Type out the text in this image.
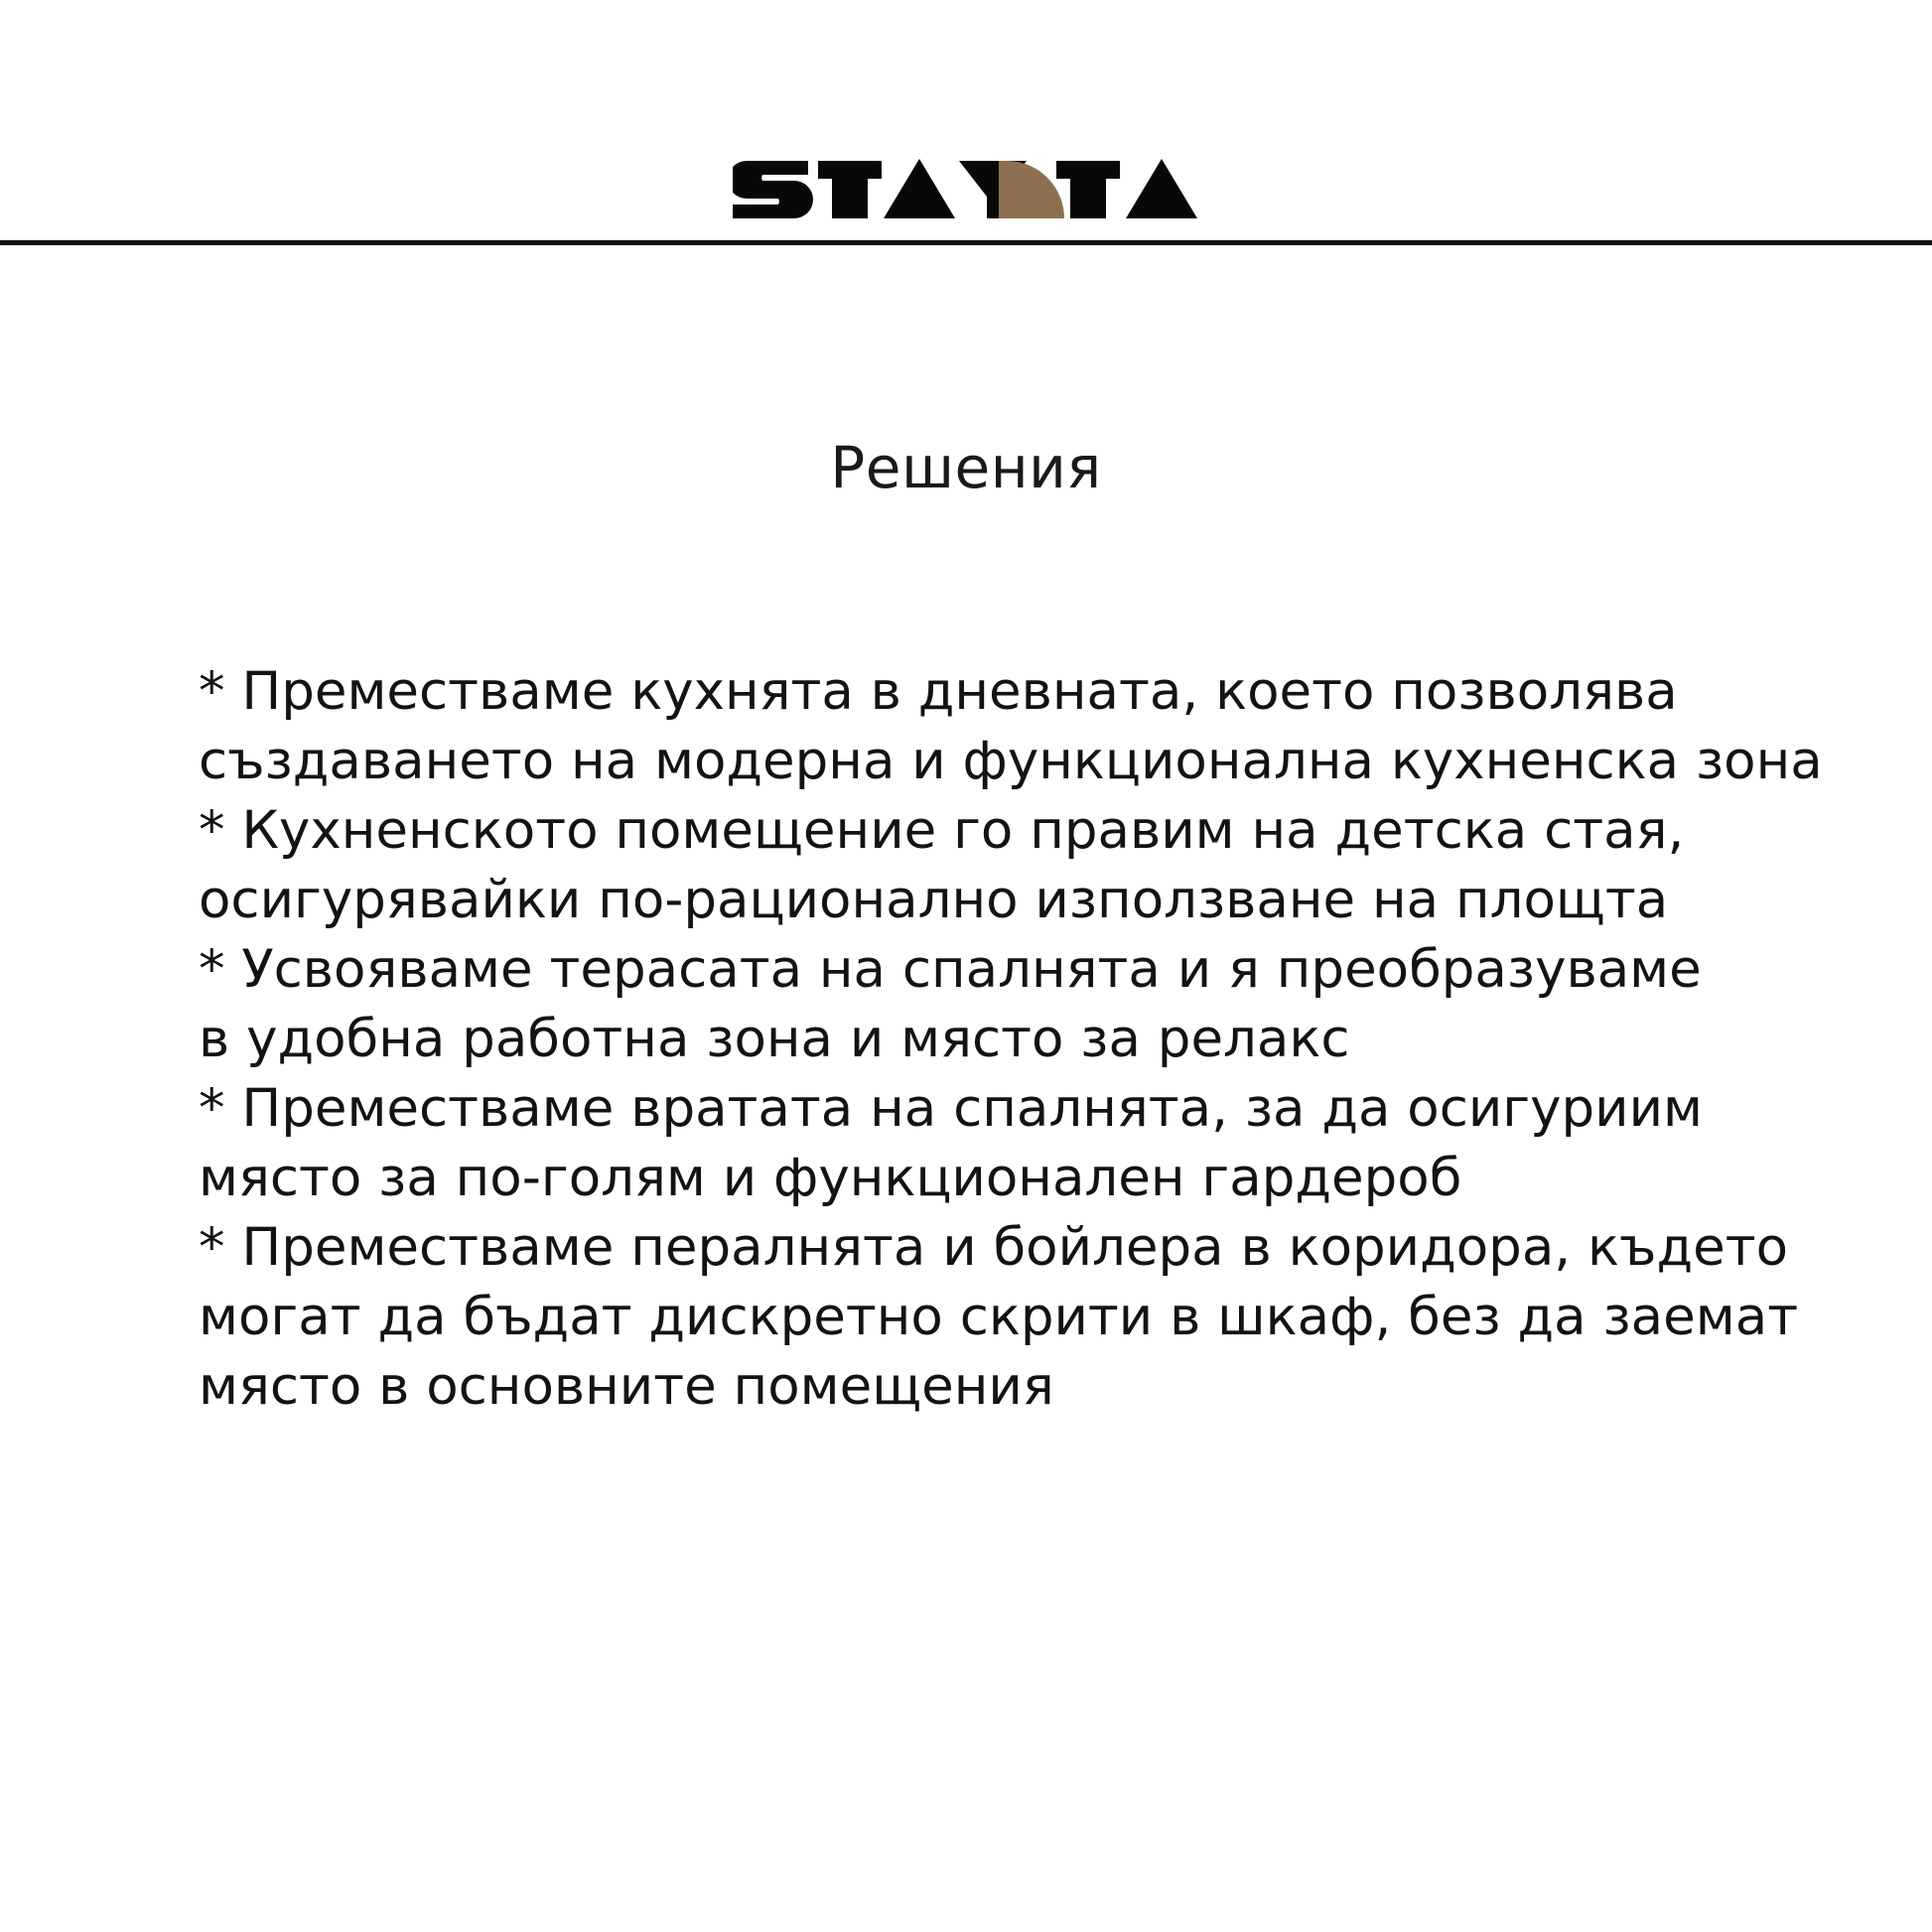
Решения
* Преместваме кухнята в дневната, което позволява
създаването на модерна и функционална кухненска зона
* Кухненското помещение го правим на детска стая,
осигурявайки по-рационално използване на площта
* Усвояваме терасата на спалнята и я преобразуваме
в удобна работна зона и място за релакс
* Преместваме вратата на спалнята, за да осигуриим
място за по-голям и функционален гардероб
* Преместваме пералнята и бойлера в коридора, където
могат да бъдат дискретно скрити в шкаф, без да заемат
място в основните помещения
